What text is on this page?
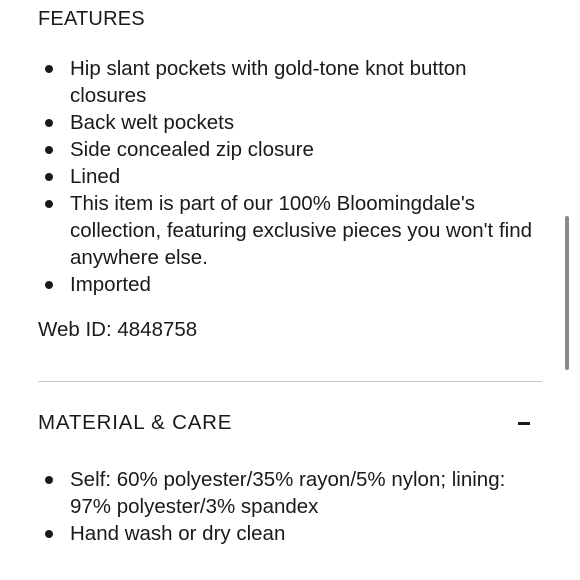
FEATURES
Hip slant pockets with gold-tone knot button closures
Back welt pockets
Side concealed zip closure
Lined
This item is part of our 100% Bloomingdale's collection, featuring exclusive pieces you won't find anywhere else.
Imported
Web ID: 4848758
MATERIAL & CARE
Self: 60% polyester/35% rayon/5% nylon; lining: 97% polyester/3% spandex
Hand wash or dry clean
